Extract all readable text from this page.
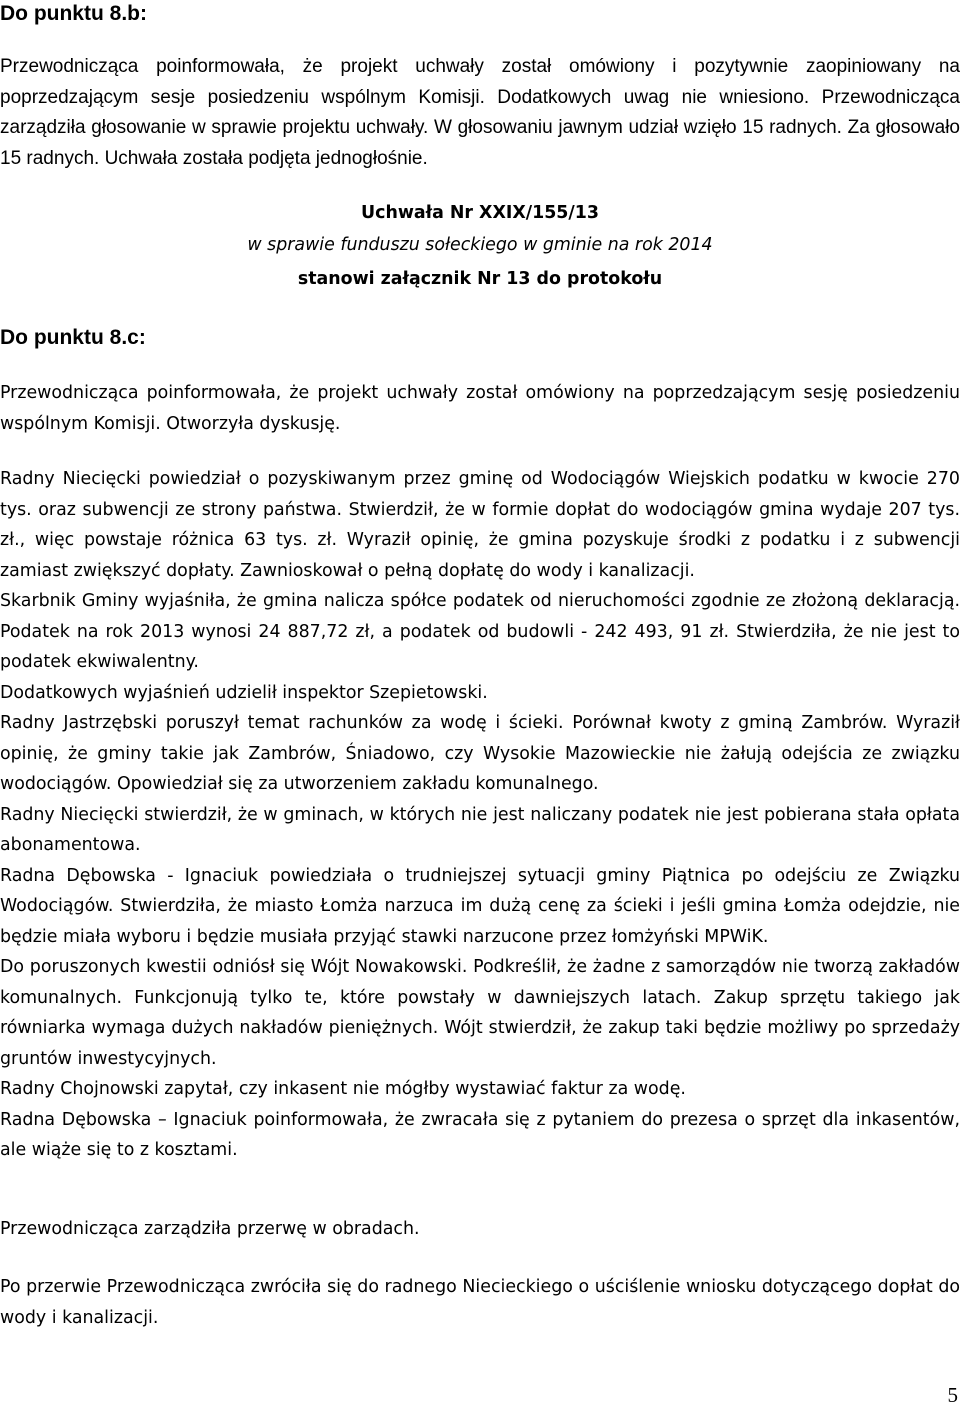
Do punktu 8.b:

Przewodnicząca poinformowała, że projekt uchwały został omówiony i pozytywnie zaopiniowany na poprzedzającym sesje posiedzeniu wspólnym Komisji. Dodatkowych uwag nie wniesiono. Przewodnicząca zarządziła głosowanie w sprawie projektu uchwały. W głosowaniu jawnym udział wzięło 15 radnych. Za głosowało 15 radnych. Uchwała została podjęta jednogłośnie.

Uchwała Nr XXIX/155/13

w sprawie funduszu sołeckiego w gminie na rok 2014

stanowi załącznik Nr 13 do protokołu

Do punktu 8.c:

Przewodnicząca poinformowała, że projekt uchwały został omówiony na poprzedzającym sesję posiedzeniu wspólnym Komisji. Otworzyła dyskusję.

Radny Niecięcki powiedział o pozyskiwanym przez gminę od Wodociągów Wiejskich podatku w kwocie 270 tys. oraz subwencji ze strony państwa. Stwierdził, że w formie dopłat do wodociągów gmina wydaje 207 tys. zł., więc powstaje różnica 63 tys. zł. Wyraził opinię, że gmina pozyskuje środki z podatku i z subwencji zamiast zwiększyć dopłaty. Zawnioskował o pełną dopłatę do wody i kanalizacji.

Skarbnik Gminy wyjaśniła, że gmina nalicza spółce podatek od nieruchomości zgodnie ze złożoną deklaracją. Podatek na rok 2013 wynosi 24 887,72 zł, a podatek od budowli - 242 493, 91 zł. Stwierdziła, że nie jest to podatek ekwiwalentny.

Dodatkowych wyjaśnień udzielił inspektor Szepietowski.

Radny Jastrzębski poruszył temat rachunków za wodę i ścieki. Porównał kwoty z gminą Zambrów. Wyraził opinię, że gminy takie jak Zambrów, Śniadowo, czy Wysokie Mazowieckie nie żałują odejścia ze związku wodociągów. Opowiedział się za utworzeniem zakładu komunalnego.

Radny Niecięcki stwierdził, że w gminach, w których nie jest naliczany podatek nie jest pobierana stała opłata abonamentowa.

Radna Dębowska - Ignaciuk powiedziała o trudniejszej sytuacji gminy Piątnica po odejściu ze Związku Wodociągów. Stwierdziła, że miasto Łomża narzuca im dużą cenę za ścieki i jeśli gmina Łomża odejdzie, nie będzie miała wyboru i będzie musiała przyjąć stawki narzucone przez łomżyński MPWiK.

Do poruszonych kwestii odniósł się Wójt Nowakowski. Podkreślił, że żadne z samorządów nie tworzą zakładów komunalnych. Funkcjonują tylko te, które powstały w dawniejszych latach. Zakup sprzętu takiego jak równiarka wymaga dużych nakładów pieniężnych. Wójt stwierdził, że zakup taki będzie możliwy po sprzedaży gruntów inwestycyjnych.

Radny Chojnowski zapytał, czy inkasent nie mógłby wystawiać faktur za wodę.

Radna Dębowska – Ignaciuk poinformowała, że zwracała się z pytaniem do prezesa o sprzęt dla inkasentów, ale wiąże się to z kosztami.

Przewodnicząca zarządziła przerwę w obradach.

Po przerwie Przewodnicząca zwróciła się do radnego Niecieckiego o uściślenie wniosku dotyczącego dopłat do wody i kanalizacji.

5
